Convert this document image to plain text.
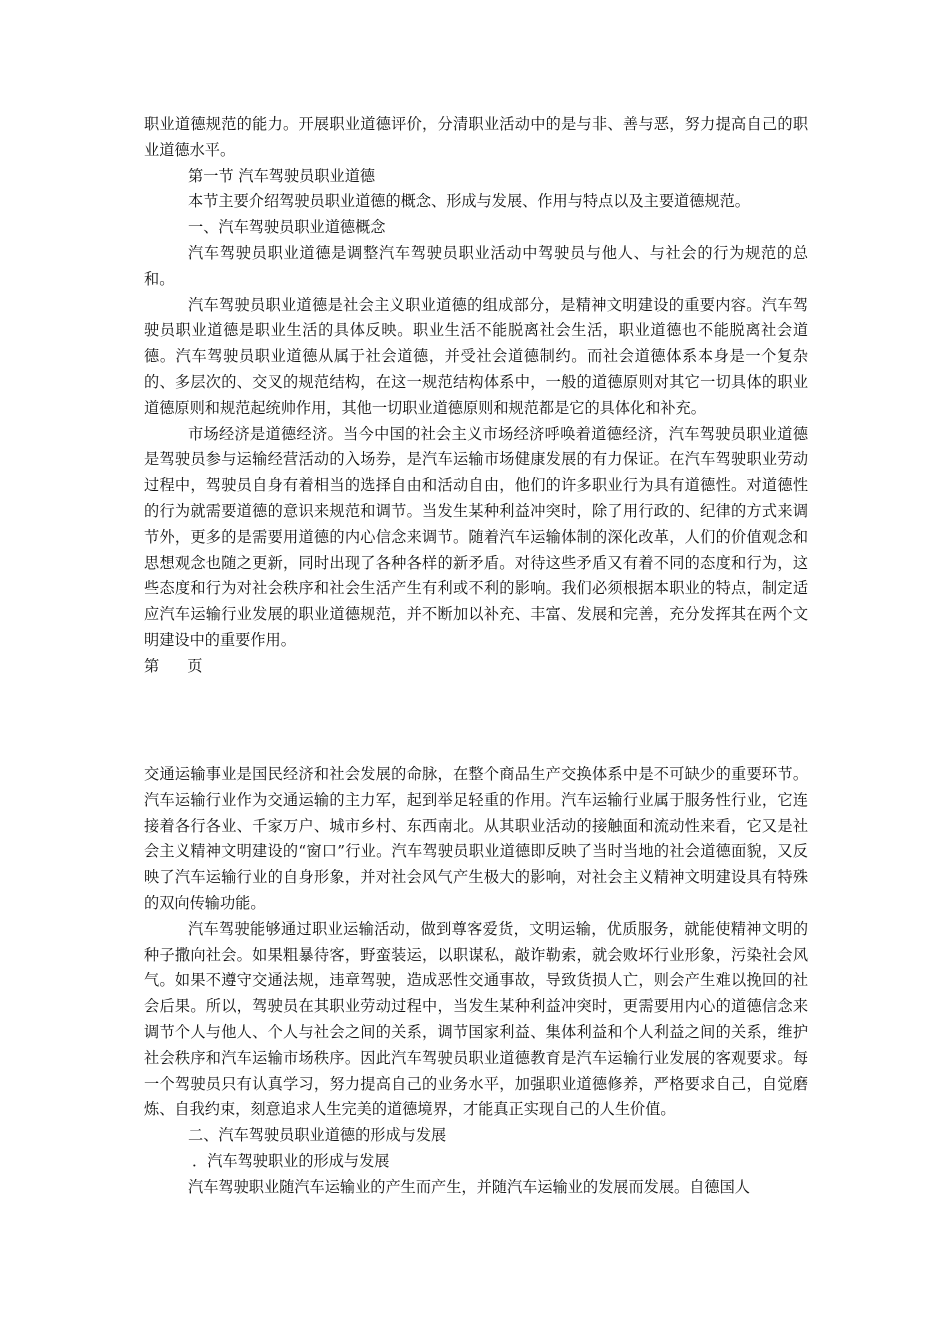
职业道德规范的能力。开展职业道德评价，分清职业活动中的是与非、善与恶，努力提高自己的职业道德水平。

第一节 汽车驾驶员职业道德

本节主要介绍驾驶员职业道德的概念、形成与发展、作用与特点以及主要道德规范。

一、汽车驾驶员职业道德概念

汽车驾驶员职业道德是调整汽车驾驶员职业活动中驾驶员与他人、与社会的行为规范的总和。

汽车驾驶员职业道德是社会主义职业道德的组成部分，是精神文明建设的重要内容。汽车驾驶员职业道德是职业生活的具体反映。职业生活不能脱离社会生活，职业道德也不能脱离社会道德。汽车驾驶员职业道德从属于社会道德，并受社会道德制约。而社会道德体系本身是一个复杂的、多层次的、交叉的规范结构，在这一规范结构体系中，一般的道德原则对其它一切具体的职业道德原则和规范起统帅作用，其他一切职业道德原则和规范都是它的具体化和补充。

市场经济是道德经济。当今中国的社会主义市场经济呼唤着道德经济，汽车驾驶员职业道德是驾驶员参与运输经营活动的入场券，是汽车运输市场健康发展的有力保证。在汽车驾驶职业劳动过程中，驾驶员自身有着相当的选择自由和活动自由，他们的许多职业行为具有道德性。对道德性的行为就需要道德的意识来规范和调节。当发生某种利益冲突时，除了用行政的、纪律的方式来调节外，更多的是需要用道德的内心信念来调节。随着汽车运输体制的深化改革，人们的价值观念和思想观念也随之更新，同时出现了各种各样的新矛盾。对待这些矛盾又有着不同的态度和行为，这些态度和行为对社会秩序和社会生活产生有利或不利的影响。我们必须根据本职业的特点，制定适应汽车运输行业发展的职业道德规范，并不断加以补充、丰富、发展和完善，充分发挥其在两个文明建设中的重要作用。

第 页

交通运输事业是国民经济和社会发展的命脉，在整个商品生产交换体系中是不可缺少的重要环节。汽车运输行业作为交通运输的主力军，起到举足轻重的作用。汽车运输行业属于服务性行业，它连接着各行各业、千家万户、城市乡村、东西南北。从其职业活动的接触面和流动性来看，它又是社会主义精神文明建设的“窗口”行业。汽车驾驶员职业道德即反映了当时当地的社会道德面貌，又反映了汽车运输行业的自身形象，并对社会风气产生极大的影响，对社会主义精神文明建设具有特殊的双向传输功能。

汽车驾驶能够通过职业运输活动，做到尊客爱货，文明运输，优质服务，就能使精神文明的种子撒向社会。如果粗暴待客，野蛮装运，以职谋私，敲诈勒索，就会败坏行业形象，污染社会风气。如果不遵守交通法规，违章驾驶，造成恶性交通事故，导致货损人亡，则会产生难以挽回的社会后果。所以，驾驶员在其职业劳动过程中，当发生某种利益冲突时，更需要用内心的道德信念来调节个人与他人、个人与社会之间的关系，调节国家利益、集体利益和个人利益之间的关系，维护社会秩序和汽车运输市场秩序。因此汽车驾驶员职业道德教育是汽车运输行业发展的客观要求。每一个驾驶员只有认真学习，努力提高自己的业务水平，加强职业道德修养，严格要求自己，自觉磨炼、自我约束，刻意追求人生完美的道德境界，才能真正实现自己的人生价值。

二、汽车驾驶员职业道德的形成与发展

．汽车驾驶职业的形成与发展

汽车驾驶职业随汽车运输业的产生而产生，并随汽车运输业的发展而发展。自德国人
